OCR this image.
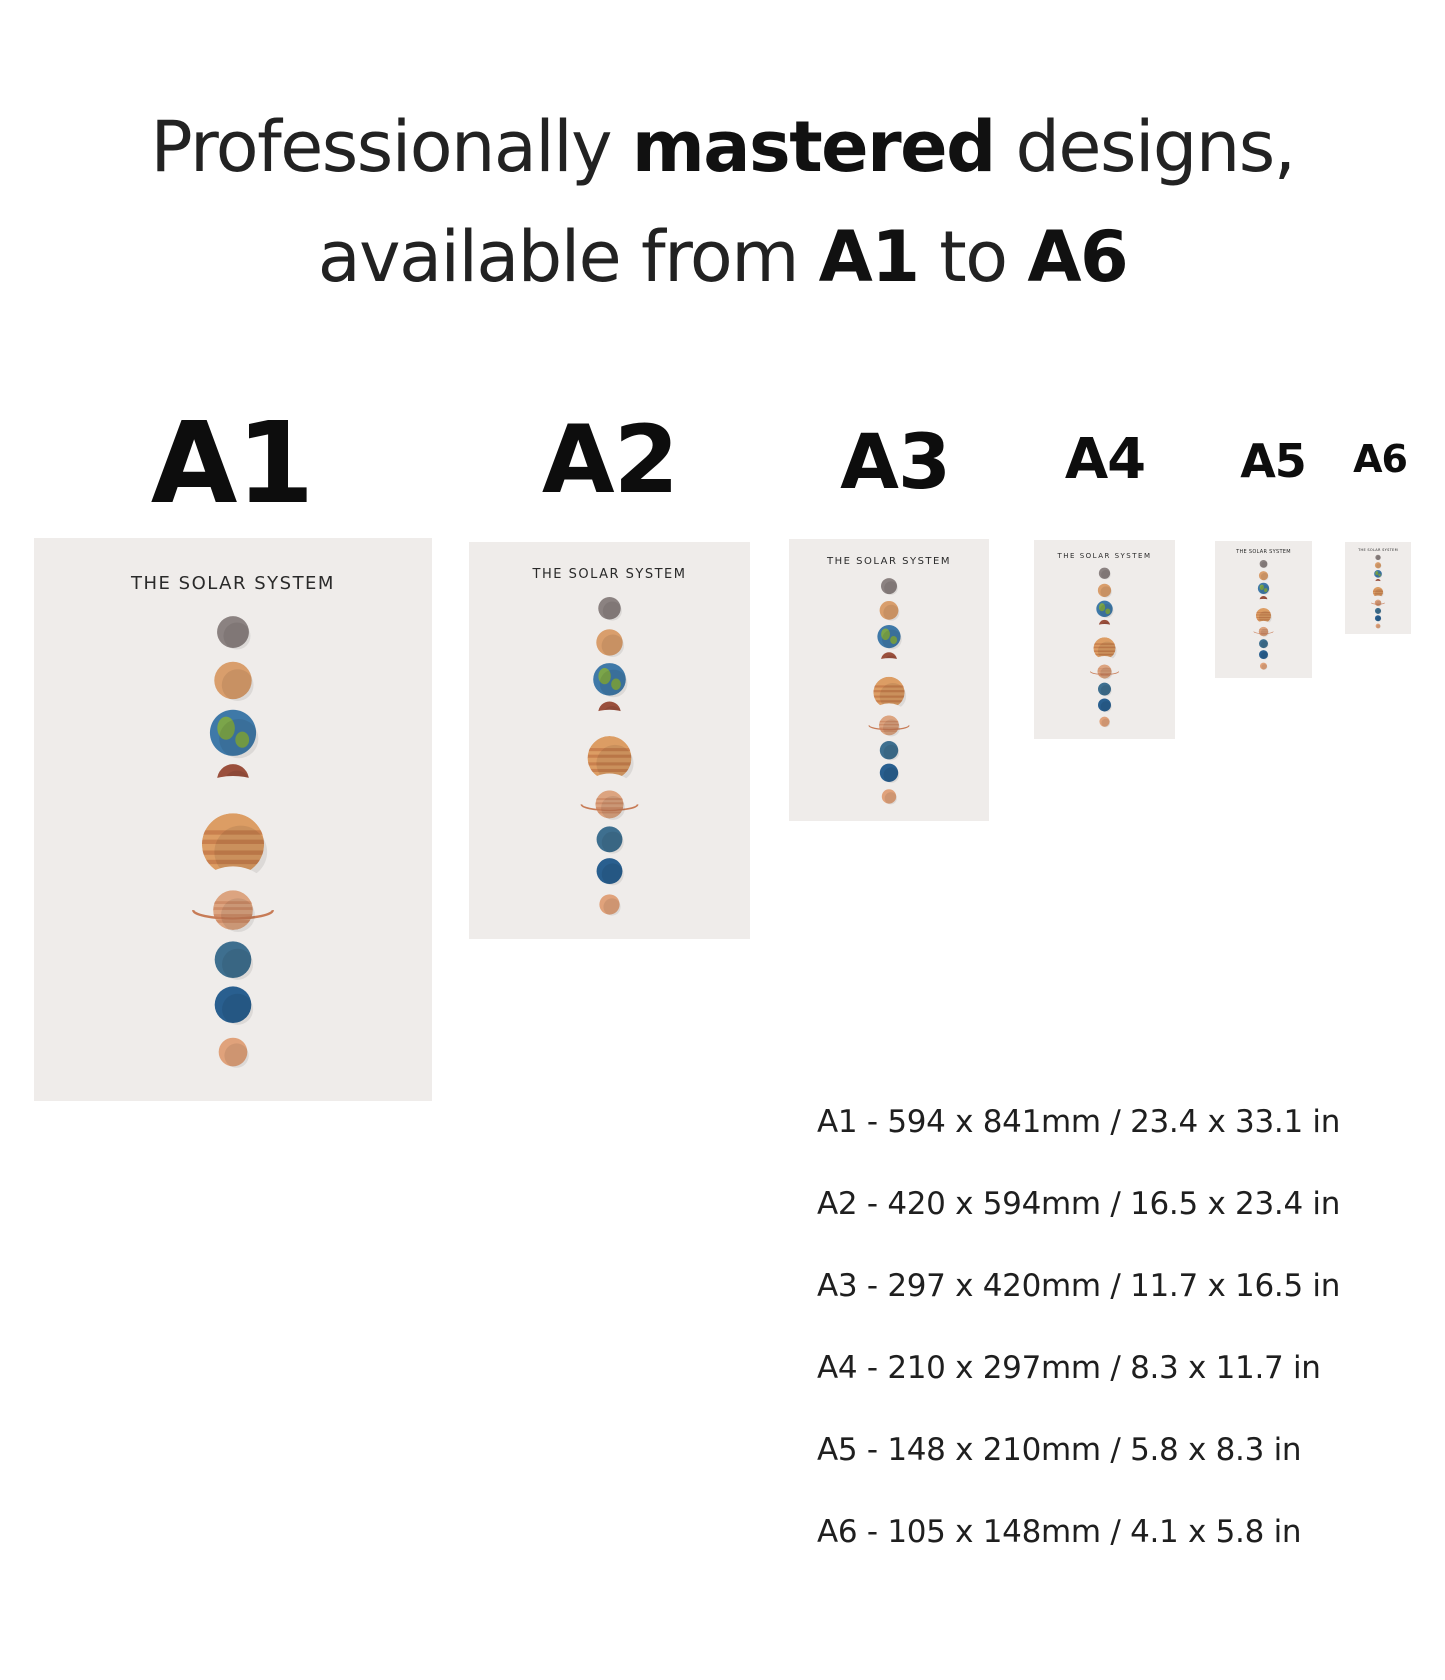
Professionally mastered designs,
available from A1 to A6
A1 A2 A3	A4	A5	A6

THE SOLAR SYSTEM	THE SOLAR SYSTEM

THE SOLAR SYSTEM	THE SOLAR SYSTEM	THE SOLAR SYSTEM	THE SOLAR SYSTEM

A1 - 594 x 841mm / 23.4 x 33.1 in
A2 - 420 x 594mm / 16.5 x 23.4 in
A3 - 297 x 420mm / 11.7 x 16.5 in
A4 - 210 x 297mm / 8.3 x 11.7 in
A5 - 148 x 210mm / 5.8 x 8.3 in
A6 - 105 x 148mm / 4.1 x 5.8 in
